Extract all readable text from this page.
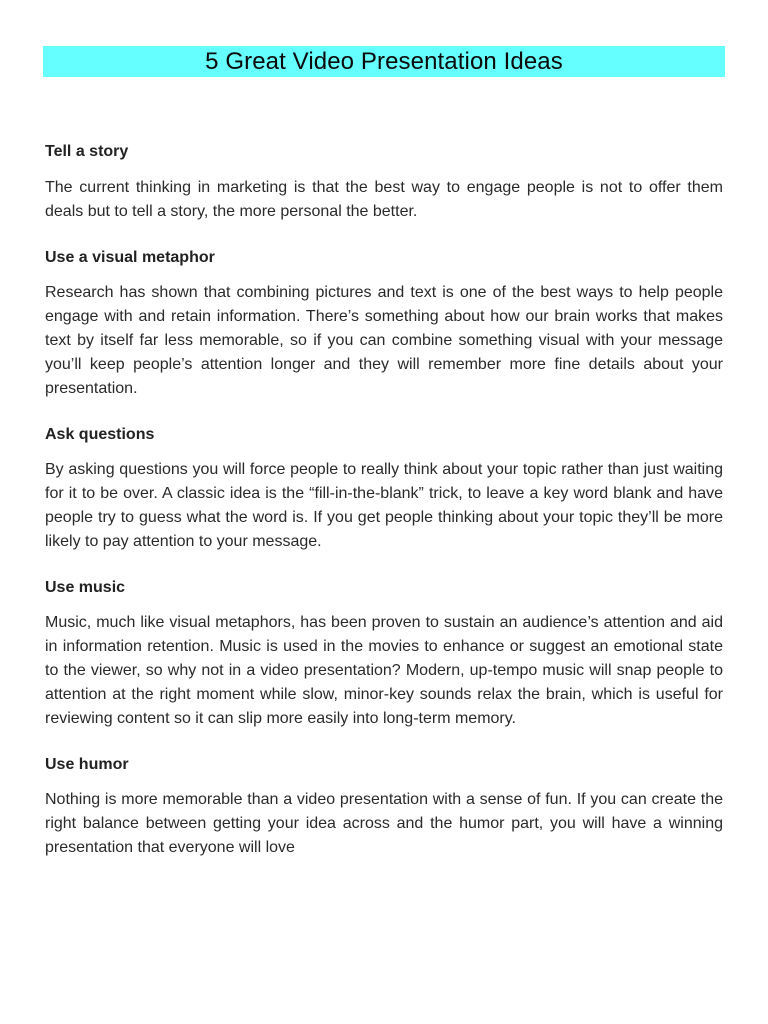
5 Great Video Presentation Ideas
Tell a story

The current thinking in marketing is that the best way to engage people is not to offer them deals but to tell a story, the more personal the better.

Use a visual metaphor

Research has shown that combining pictures and text is one of the best ways to help people engage with and retain information. There’s something about how our brain works that makes text by itself far less memorable, so if you can combine something visual with your message you’ll keep people’s attention longer and they will remember more fine details about your presentation.

Ask questions

By asking questions you will force people to really think about your topic rather than just waiting for it to be over. A classic idea is the “fill-in-the-blank” trick, to leave a key word blank and have people try to guess what the word is. If you get people thinking about your topic they’ll be more likely to pay attention to your message.

Use music

Music, much like visual metaphors, has been proven to sustain an audience’s attention and aid in information retention. Music is used in the movies to enhance or suggest an emotional state to the viewer, so why not in a video presentation? Modern, up-tempo music will snap people to attention at the right moment while slow, minor-key sounds relax the brain, which is useful for reviewing content so it can slip more easily into long-term memory.

Use humor

Nothing is more memorable than a video presentation with a sense of fun. If you can create the right balance between getting your idea across and the humor part, you will have a winning presentation that everyone will love
